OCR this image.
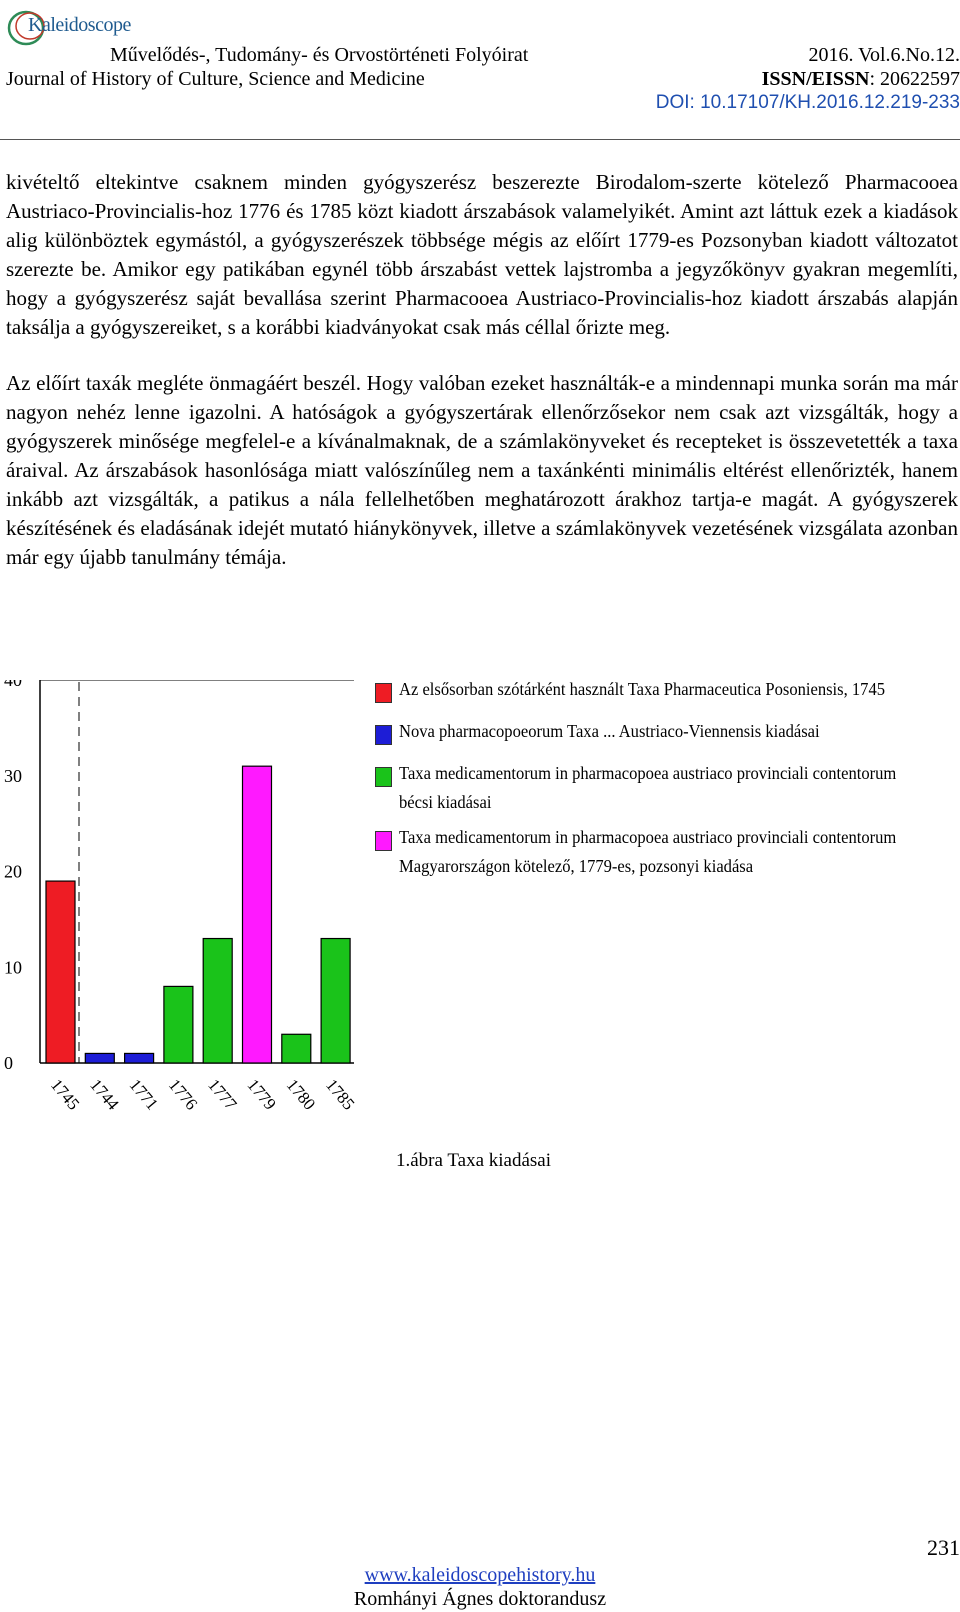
Kaleidoscope
Művelődés-, Tudomány- és Orvostörténeti Folyóirat	2016. Vol.6.No.12.
Journal of History of Culture, Science and Medicine	ISSN/EISSN: 20622597
DOI: 10.17107/KH.2016.12.219-233

kivételtő eltekintve csaknem minden gyógyszerész beszerezte Birodalom-szerte kötelező Pharmacooea Austriaco-Provincialis-hoz 1776 és 1785 közt kiadott árszabások valamelyikét. Amint azt láttuk ezek a kiadások alig különböztek egymástól, a gyógyszerészek többsége mégis az előírt 1779-es Pozsonyban kiadott változatot szerezte be. Amikor egy patikában egynél több árszabást vettek lajstromba a jegyzőkönyv gyakran megemlíti, hogy a gyógyszerész saját bevallása szerint Pharmacooea Austriaco-Provincialis-hoz kiadott árszabás alapján taksálja a gyógyszereiket, s a korábbi kiadványokat csak más céllal őrizte meg.

Az előírt taxák megléte önmagáért beszél. Hogy valóban ezeket használták-e a mindennapi munka során ma már nagyon nehéz lenne igazolni. A hatóságok a gyógyszertárak ellenőrzősekor nem csak azt vizsgálták, hogy a gyógyszerek minősége megfelel-e a kívánalmaknak, de a számlakönyveket és recepteket is összevetették a taxa áraival. Az árszabások hasonlósága miatt valószínűleg nem a taxánkénti minimális eltérést ellenőrizték, hanem inkább azt vizsgálták, a patikus a nála fellelhetőben meghatározott árakhoz tartja-e magát. A gyógyszerek készítésének és eladásának idejét mutató hiánykönyvek, illetve a számlakönyvek vezetésének vizsgálata azonban már egy újabb tanulmány témája.

0
10
20
30
40
1745 1744 1771 1776 1777 1779 1780 1785
Az elsősorban szótárként használt Taxa Pharmaceutica Posoniensis, 1745
Nova pharmacopoeorum Taxa ... Austriaco-Viennensis kiadásai
Taxa medicamentorum in pharmacopoea austriaco provinciali contentorum
bécsi kiadásai
Taxa medicamentorum in pharmacopoea austriaco provinciali contentorum
Magyarországon kötelező, 1779-es, pozsonyi kiadása
1.ábra Taxa kiadásai
231
www.kaleidoscopehistory.hu
Romhányi Ágnes doktorandusz
